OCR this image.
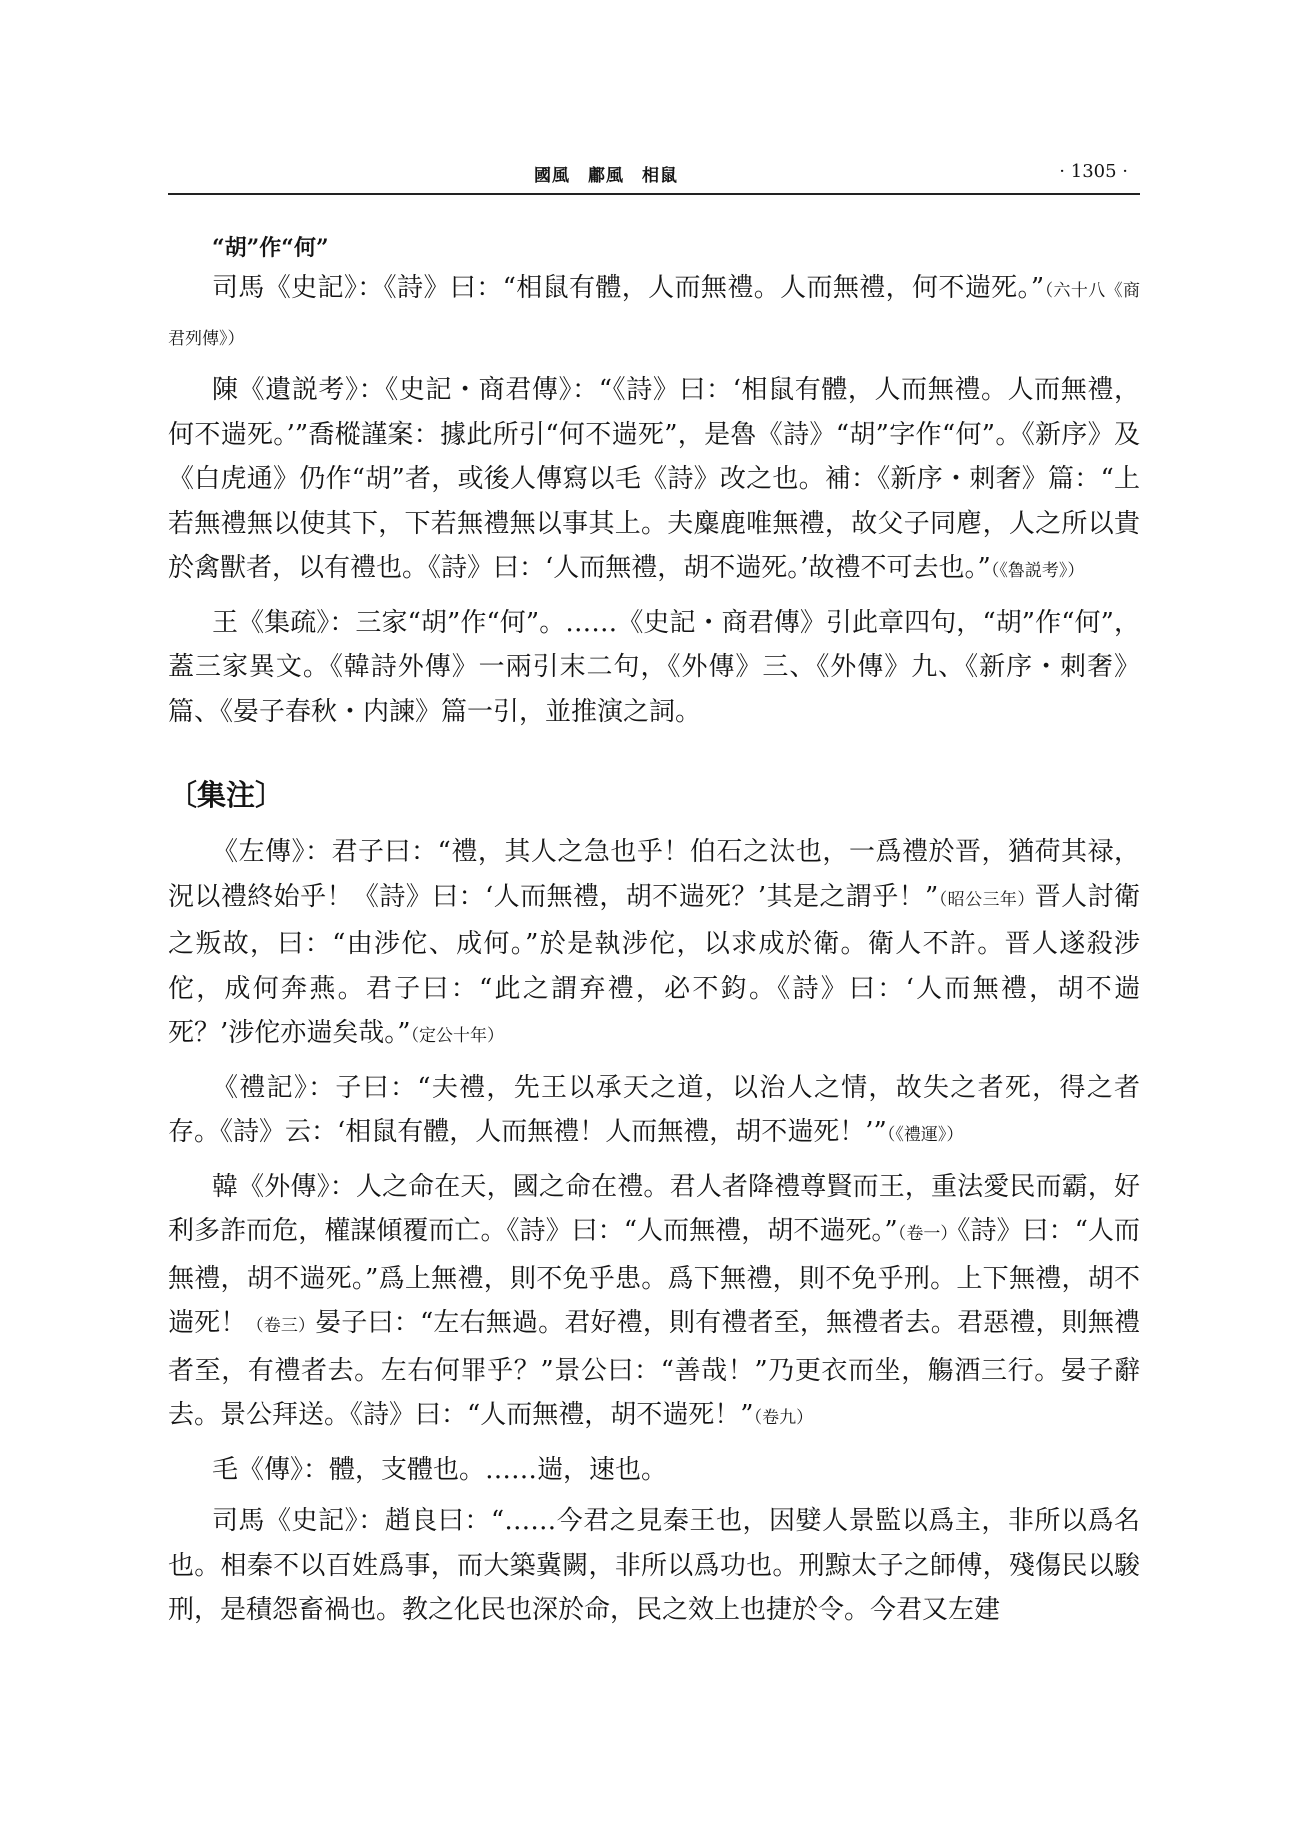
國風　鄘風　相鼠	· 1305 ·
“胡”作“何”

司馬《史記》：《詩》曰：“相鼠有體，人而無禮。人而無禮，何不遄死。”（六十八《商君列傳》）

陳《遺説考》：《史記・商君傳》：“《詩》曰：‘相鼠有體，人而無禮。人而無禮，何不遄死。’”喬樅謹案：據此所引“何不遄死”，是魯《詩》“胡”字作“何”。《新序》及《白虎通》仍作“胡”者，或後人傳寫以毛《詩》改之也。補：《新序・刺奢》篇：“上若無禮無以使其下，下若無禮無以事其上。夫麋鹿唯無禮，故父子同麀，人之所以貴於禽獸者，以有禮也。《詩》曰：‘人而無禮，胡不遄死。’故禮不可去也。”（《魯説考》）

王《集疏》：三家“胡”作“何”。……《史記・商君傳》引此章四句，“胡”作“何”，蓋三家異文。《韓詩外傳》一兩引末二句，《外傳》三、《外傳》九、《新序・刺奢》篇、《晏子春秋・内諫》篇一引，並推演之詞。

〔集注〕

《左傳》：君子曰：“禮，其人之急也乎！伯石之汰也，一爲禮於晋，猶荷其禄，況以禮終始乎！《詩》曰：‘人而無禮，胡不遄死？’其是之謂乎！”（昭公三年）晋人討衛之叛故，曰：“由涉佗、成何。”於是執涉佗，以求成於衛。衛人不許。晋人遂殺涉佗，成何奔燕。君子曰：“此之謂弃禮，必不鈞。《詩》曰：‘人而無禮，胡不遄死？’涉佗亦遄矣哉。”（定公十年）

《禮記》：子曰：“夫禮，先王以承天之道，以治人之情，故失之者死，得之者存。《詩》云：‘相鼠有體，人而無禮！人而無禮，胡不遄死！’”（《禮運》）

韓《外傳》：人之命在天，國之命在禮。君人者降禮尊賢而王，重法愛民而霸，好利多詐而危，權謀傾覆而亡。《詩》曰：“人而無禮，胡不遄死。”（卷一）《詩》曰：“人而無禮，胡不遄死。”爲上無禮，則不免乎患。爲下無禮，則不免乎刑。上下無禮，胡不遄死！（卷三）晏子曰：“左右無過。君好禮，則有禮者至，無禮者去。君惡禮，則無禮者至，有禮者去。左右何罪乎？”景公曰：“善哉！”乃更衣而坐，觴酒三行。晏子辭去。景公拜送。《詩》曰：“人而無禮，胡不遄死！”（卷九）

毛《傳》：體，支體也。……遄，速也。

司馬《史記》：趙良曰：“……今君之見秦王也，因嬖人景監以爲主，非所以爲名也。相秦不以百姓爲事，而大築冀闕，非所以爲功也。刑黥太子之師傅，殘傷民以駿刑，是積怨畜禍也。教之化民也深於命，民之效上也捷於令。今君又左建
